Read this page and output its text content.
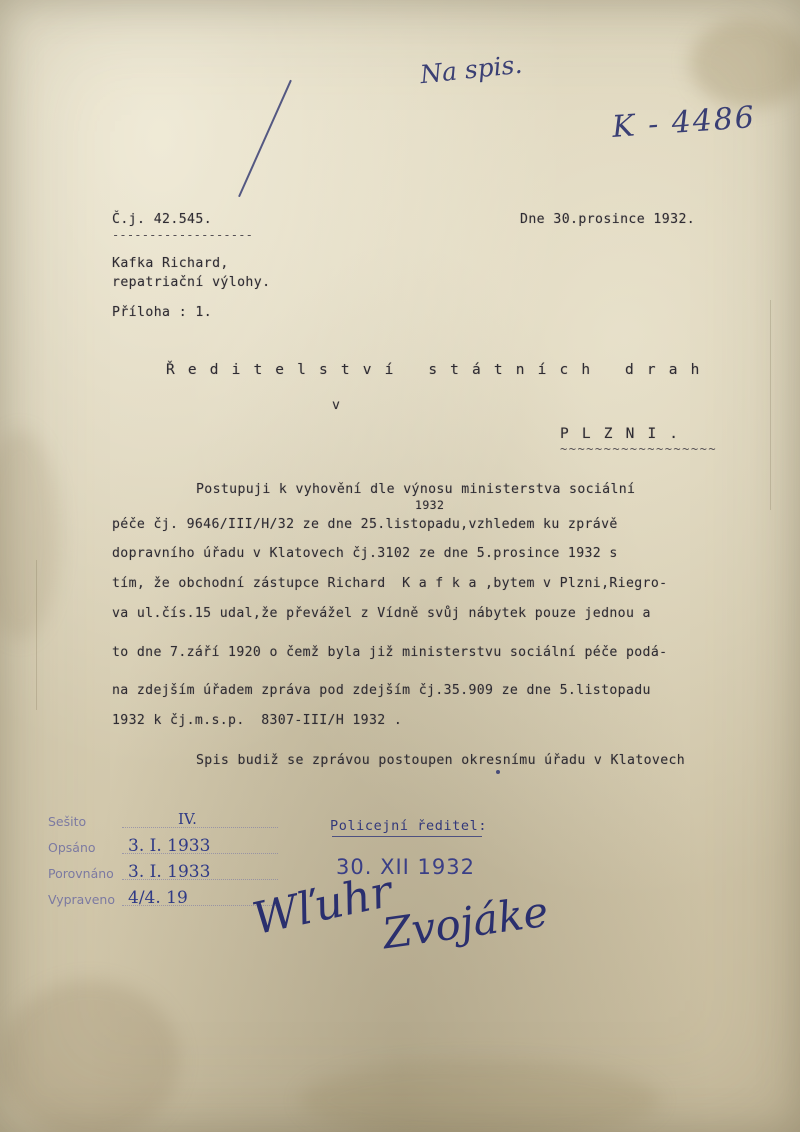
Na spis.
K - 4486
Č.j. 42.545.
-------------------
Dne 30.prosince 1932.
Kafka Richard,
repatriační výlohy.
Příloha : 1.
Ř e d i t e l s t v í   s t á t n í c h   d r a h
v
P L Z N I .
~~~~~~~~~~~~~~~~~~
Postupuji k vyhovění dle výnosu ministerstva sociální
1932
péče čj. 9646/III/H/32 ze dne 25.listopadu,vzhledem ku zprávě
dopravního úřadu v Klatovech čj.3102 ze dne 5.prosince 1932 s
tím, že obchodní zástupce Richard  K a f k a ,bytem v Plzni,Riegro-
va ul.čís.15 udal,že převážel z Vídně svůj nábytek pouze jednou a
to dne 7.září 1920 o čemž byla již ministerstvu sociální péče podá-
na zdejším úřadem zpráva pod zdejším čj.35.909 ze dne 5.listopadu
1932 k čj.m.s.p.  8307-III/H 1932 .
Spis budiž se zprávou postoupen okresnímu úřadu v Klatovech
Sešito	IV.
Opsáno 3. I. 1933
Porovnáno 3. I. 1933
Vypraveno 4/4. 19
Policejní ředitel:
30. XII 1932
Wľuhr
Zvojáke
